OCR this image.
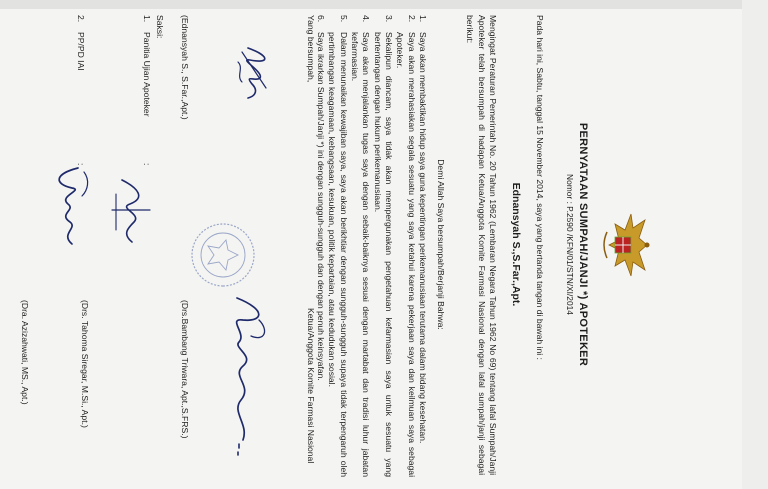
PERNYATAAN SUMPAH/JANJI *) APOTEKER
Nomor : P.2590 /KFN/01/STN/XI/2014
Pada hari ini, Sabtu, tanggal 15 November 2014, saya yang bertanda tangan di bawah ini :
Ednansyah S.,S.Far.,Apt.
Mengingat Peraturan Pemerintah No. 20 Tahun 1962 (Lembaran Negara Tahun 1962 No 69) tentang lafal Sumpah/Janji Apoteker telah bersumpah di hadapan Ketua/Anggota Komite Farmasi Nasional dengan lafal sumpah/janji sebagai berikut:
Demi Allah Saya bersumpah/Berjanji Bahwa:
1.
Saya akan membaktikan hidup saya guna kepentingan perikemanusiaan terutama dalam bidang kesehatan.
2.
Saya akan merahasiakan segala sesuatu yang saya ketahui karena pekerjaan saya dan keilmuan saya sebagai Apoteker.
3.
Sekalipun diancam, saya tidak akan mempergunakan pengetahuan kefarmasian saya untuk sesuatu yang bertentangan dengan hukum perikemanusiaan.
4.
Saya akan menjalankan tugas saya dengan sebaik-baiknya sesuai dengan martabat dan tradisi luhur jabatan kefarmasian.
5.
Dalam menunaikan kewajiban saya, saya akan berikhtiar dengan sungguh-sungguh supaya tidak terpengaruh oleh pertimbangan keagamaan, kebangsaan, kesukuan, politik kepartaian, atau kedudukan sosial.
6.
Saya ikrarkan Sumpah/Janji *) ini dengan sungguh-sungguh dan dengan penuh keinsyafan.
Yang bersumpah,
Ketua/Anggota Komite Farmasi Nasional
(Ednansyah S., S.Far.,Apt.)
(Drs.Bambang Triwara, Apt.,S.FRS.)
Saksi:
1.Panitia Ujian Apoteker
:
2.PP/PD IAI
:
(Drs. Tahoma Siregar, M.Si., Apt.)
(Dra. Azizahwati, MS., Apt.)
